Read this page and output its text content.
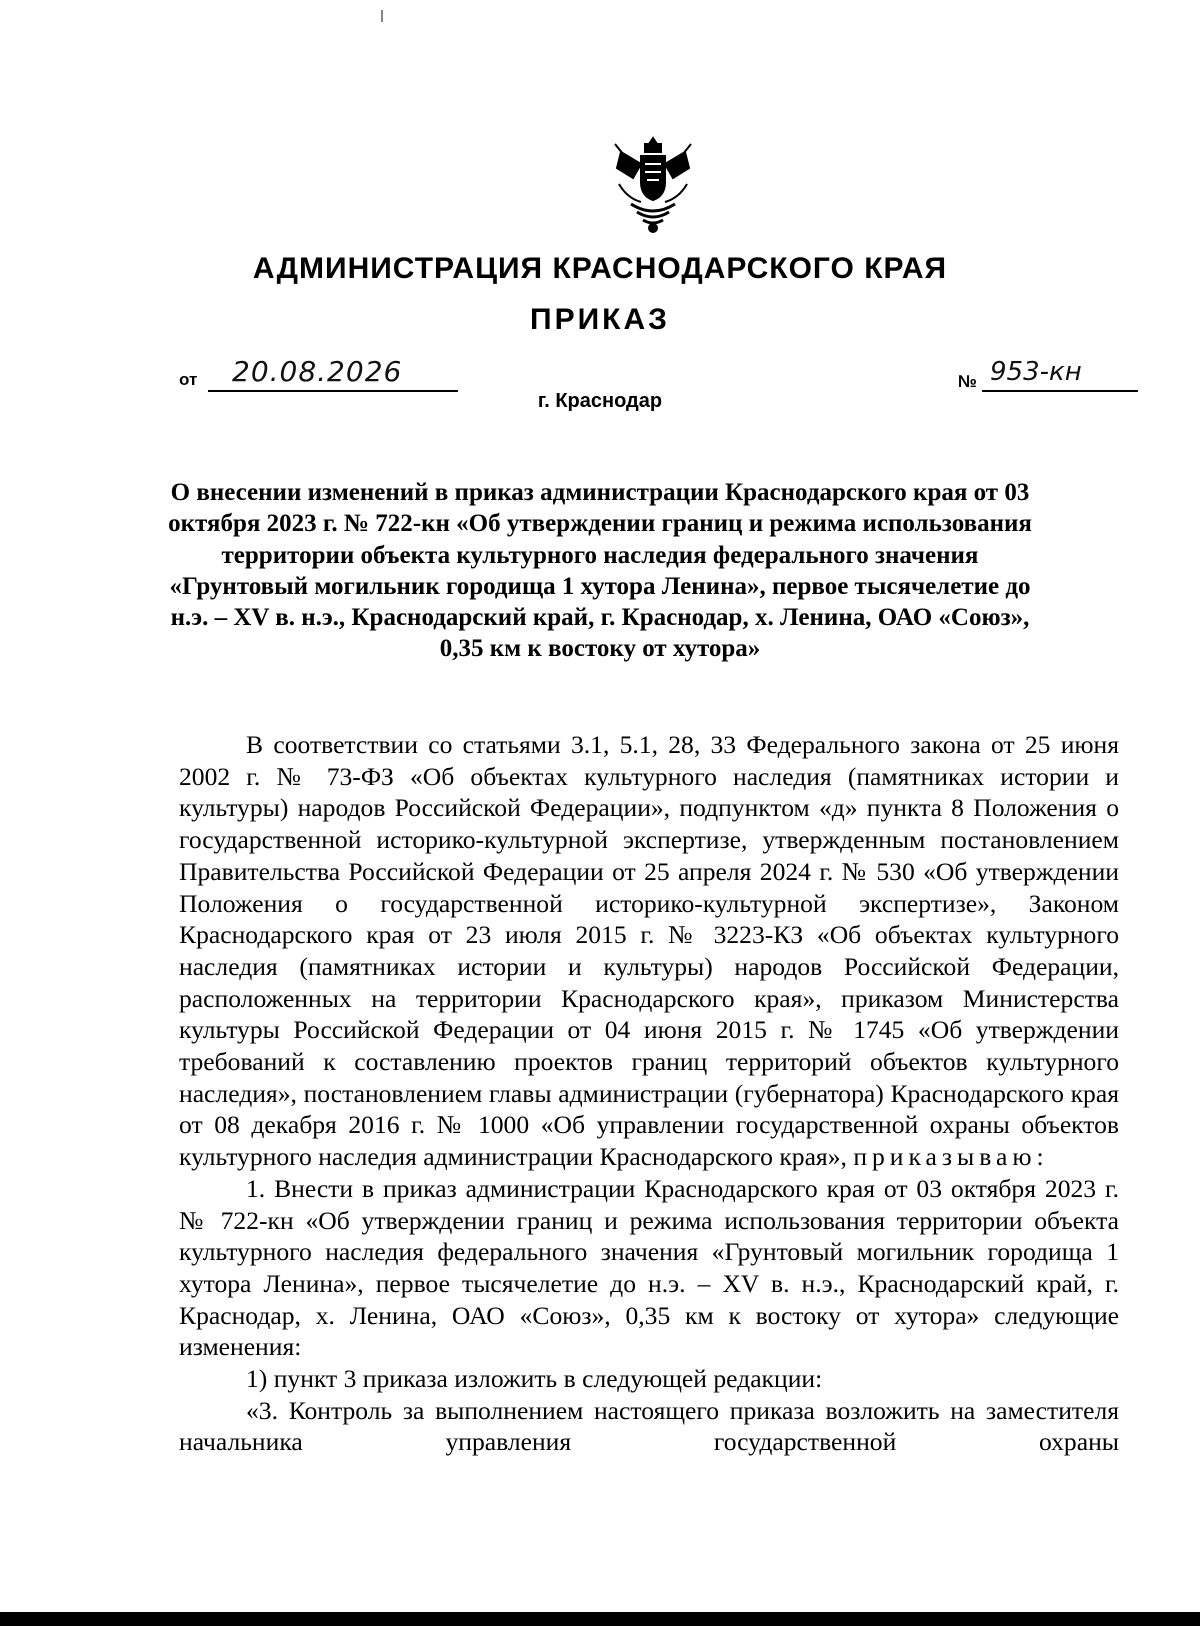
АДМИНИСТРАЦИЯ КРАСНОДАРСКОГО КРАЯ
ПРИКАЗ
от 20.08.2026	№ 953-кн
г. Краснодар

О внесении изменений в приказ администрации Краснодарского края от 03 октября 2023 г. № 722-кн «Об утверждении границ и режима использования территории объекта культурного наследия федерального значения «Грунтовый могильник городища 1 хутора Ленина», первое тысячелетие до н.э. – XV в. н.э., Краснодарский край, г. Краснодар, х. Ленина, ОАО «Союз», 0,35 км к востоку от хутора»

В соответствии со статьями 3.1, 5.1, 28, 33 Федерального закона от 25 июня 2002 г. № 73-ФЗ «Об объектах культурного наследия (памятниках истории и культуры) народов Российской Федерации», подпунктом «д» пункта 8 Положения о государственной историко-культурной экспертизе, утвержденным постановлением Правительства Российской Федерации от 25 апреля 2024 г. № 530 «Об утверждении Положения о государственной историко-культурной экспертизе», Законом Краснодарского края от 23 июля 2015 г. № 3223-КЗ «Об объектах культурного наследия (памятниках истории и культуры) народов Российской Федерации, расположенных на территории Краснодарского края», приказом Министерства культуры Российской Федерации от 04 июня 2015 г. № 1745 «Об утверждении требований к составлению проектов границ территорий объектов культурного наследия», постановлением главы администрации (губернатора) Краснодарского края от 08 декабря 2016 г. № 1000 «Об управлении государственной охраны объектов культурного наследия администрации Краснодарского края», приказываю:

1. Внести в приказ администрации Краснодарского края от 03 октября 2023 г. № 722-кн «Об утверждении границ и режима использования территории объекта культурного наследия федерального значения «Грунтовый могильник городища 1 хутора Ленина», первое тысячелетие до н.э. – XV в. н.э., Краснодарский край, г. Краснодар, х. Ленина, ОАО «Союз», 0,35 км к востоку от хутора» следующие изменения:

1) пункт 3 приказа изложить в следующей редакции:

«3. Контроль за выполнением настоящего приказа возложить на заместителя начальника управления государственной охраны
